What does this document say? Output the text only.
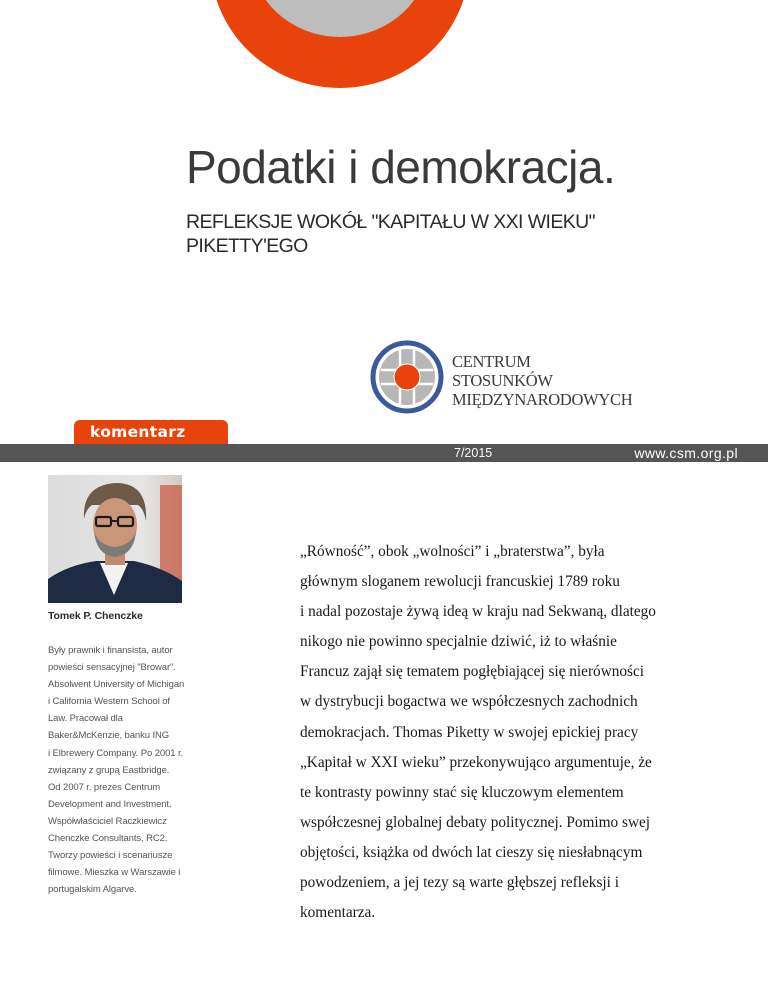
Podatki i demokracja.
REFLEKSJE WOKÓŁ "KAPITAŁU W XXI WIEKU" PIKETTY'EGO
CENTRUM
STOSUNKÓW
MIĘDZYNARODOWYCH
komentarz
7/2015	www.csm.org.pl
Tomek P. Chenczke
Były prawnik i finansista, autor
powieści sensacyjnej "Browar".
Absolwent University of Michigan
i California Western School of
Law. Pracował dla
Baker&McKenzie, banku ING
i Elbrewery Company. Po 2001 r.
związany z grupą Eastbridge.
Od 2007 r. prezes Centrum
Development and Investment.
Współwłaściciel Raczkiewicz
Chenczke Consultants, RC2.
Tworzy powieści i scenariusze
filmowe. Mieszka w Warszawie i
portugalskim Algarve.
„Równość”, obok „wolności” i „braterstwa”, była
głównym sloganem rewolucji francuskiej 1789 roku
i nadal pozostaje żywą ideą w kraju nad Sekwaną, dlatego
nikogo nie powinno specjalnie dziwić, iż to właśnie
Francuz zajął się tematem pogłębiającej się nierówności
w dystrybucji bogactwa we współczesnych zachodnich
demokracjach. Thomas Piketty w swojej epickiej pracy
„Kapitał w XXI wieku” przekonywująco argumentuje, że
te kontrasty powinny stać się kluczowym elementem
współczesnej globalnej debaty politycznej. Pomimo swej
objętości, książka od dwóch lat cieszy się niesłabnącym
powodzeniem, a jej tezy są warte głębszej refleksji i
komentarza.
